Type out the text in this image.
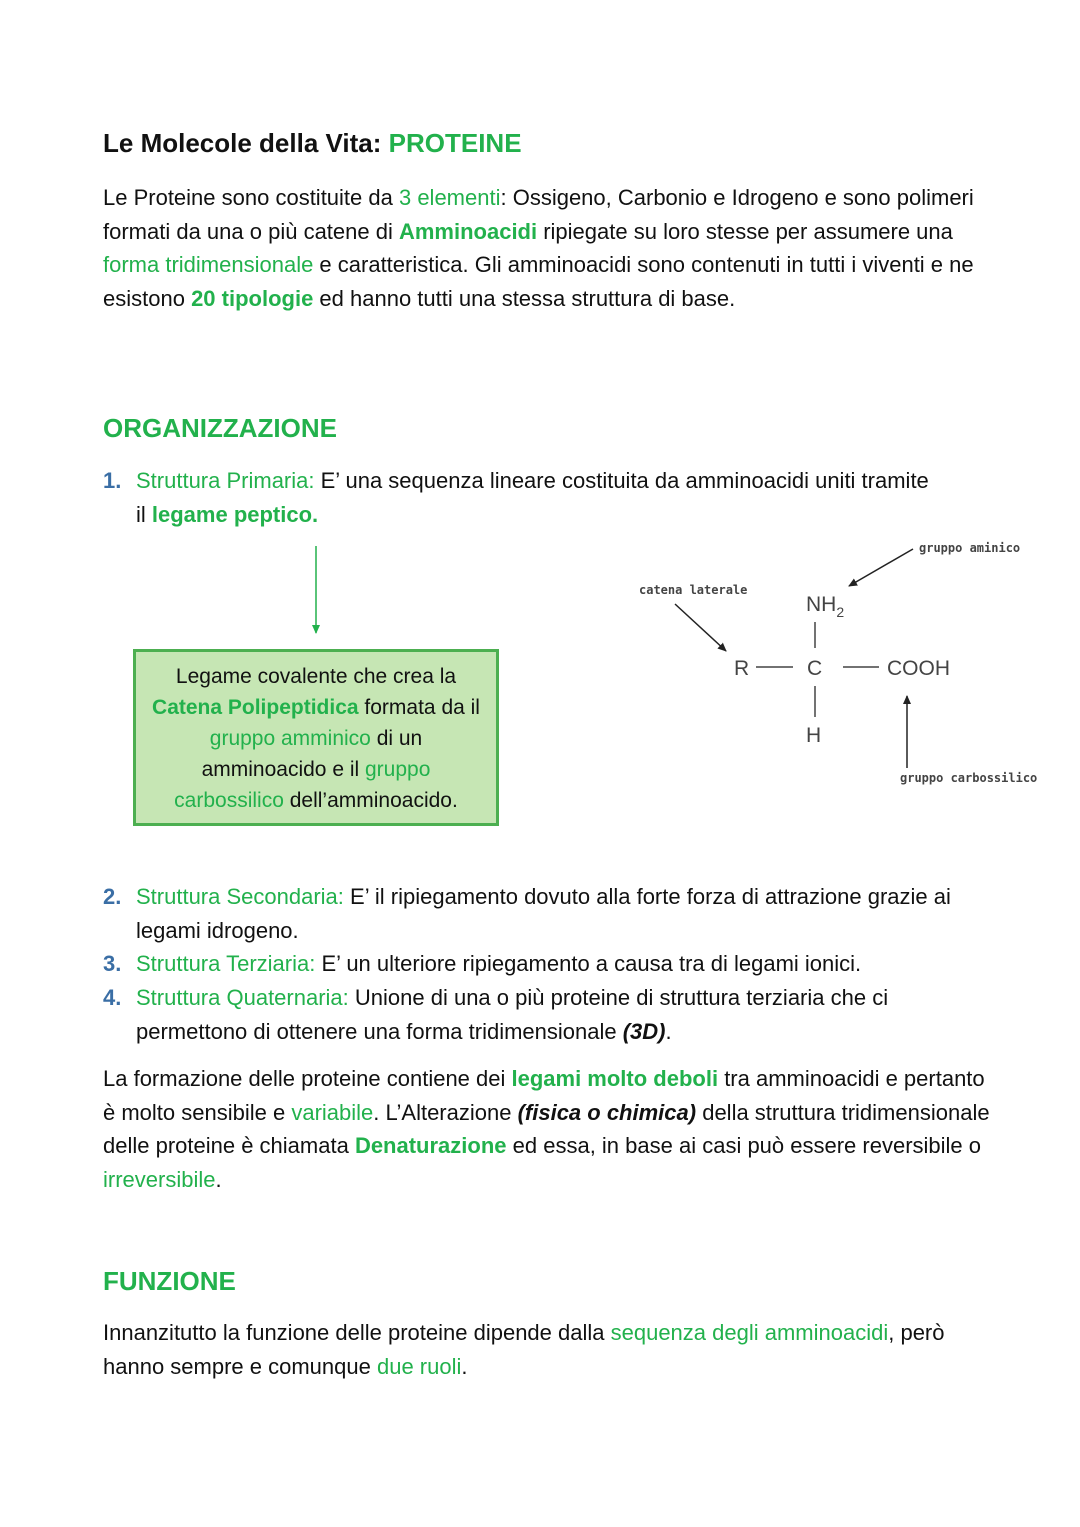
Le Molecole della Vita: PROTEINE
Le Proteine sono costituite da 3 elementi: Ossigeno, Carbonio e Idrogeno e sono polimeri formati da una o più catene di Amminoacidi ripiegate su loro stesse per assumere una forma tridimensionale e caratteristica. Gli amminoacidi sono contenuti in tutti i viventi e ne esistono 20 tipologie ed hanno tutti una stessa struttura di base.
ORGANIZZAZIONE
1. Struttura Primaria: E’ una sequenza lineare costituita da amminoacidi uniti tramite il legame peptico.
catena laterale
gruppo aminico
$NH_2$
R	C	COOH
H
gruppo carbossilico
Legame covalente che crea la
Catena Polipeptidica formata da il
gruppo amminico di un
amminoacido e il gruppo
carbossilico dell’amminoacido.
2. Struttura Secondaria: E’ il ripiegamento dovuto alla forte forza di attrazione grazie ai legami idrogeno.
3. Struttura Terziaria: E’ un ulteriore ripiegamento a causa tra di legami ionici.
4. Struttura Quaternaria: Unione di una o più proteine di struttura terziaria che ci permettono di ottenere una forma tridimensionale (3D).
La formazione delle proteine contiene dei legami molto deboli tra amminoacidi e pertanto è molto sensibile e variabile. L’Alterazione (fisica o chimica) della struttura tridimensionale delle proteine è chiamata Denaturazione ed essa, in base ai casi può essere reversibile o irreversibile.
FUNZIONE
Innanzitutto la funzione delle proteine dipende dalla sequenza degli amminoacidi, però hanno sempre e comunque due ruoli.
